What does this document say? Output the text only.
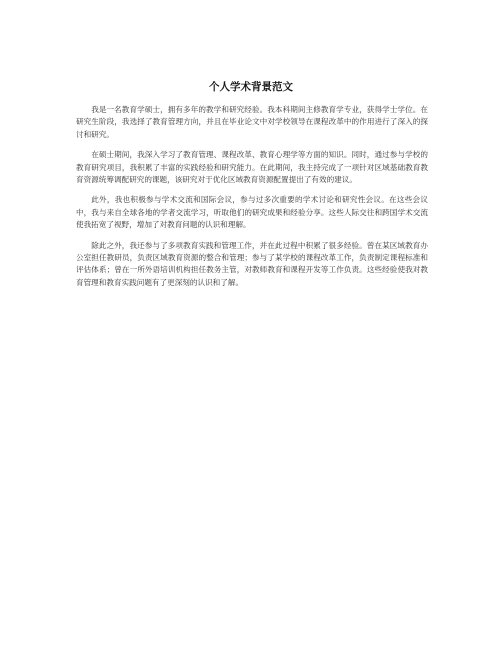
个人学术背景范文

我是一名教育学硕士，拥有多年的教学和研究经验。我本科期间主修教育学专业，获得学士学位。在研究生阶段，我选择了教育管理方向，并且在毕业论文中对学校领导在课程改革中的作用进行了深入的探讨和研究。

在硕士期间，我深入学习了教育管理、课程改革、教育心理学等方面的知识。同时，通过参与学校的教育研究项目，我积累了丰富的实践经验和研究能力。在此期间，我主持完成了一项针对区域基础教育教育资源统筹调配研究的课题，该研究对于优化区域教育资源配置提出了有效的建议。

此外，我也积极参与学术交流和国际会议，参与过多次重要的学术讨论和研究性会议。在这些会议中，我与来自全球各地的学者交流学习，听取他们的研究成果和经验分享。这些人际交往和跨国学术交流使我拓宽了视野，增加了对教育问题的认识和理解。

除此之外，我还参与了多项教育实践和管理工作，并在此过程中积累了很多经验。曾在某区域教育办公室担任教研员，负责区域教育资源的整合和管理；参与了某学校的课程改革工作，负责制定课程标准和评估体系；曾在一所外语培训机构担任教务主管，对教师教育和课程开发等工作负责。这些经验使我对教育管理和教育实践问题有了更深刻的认识和了解。
